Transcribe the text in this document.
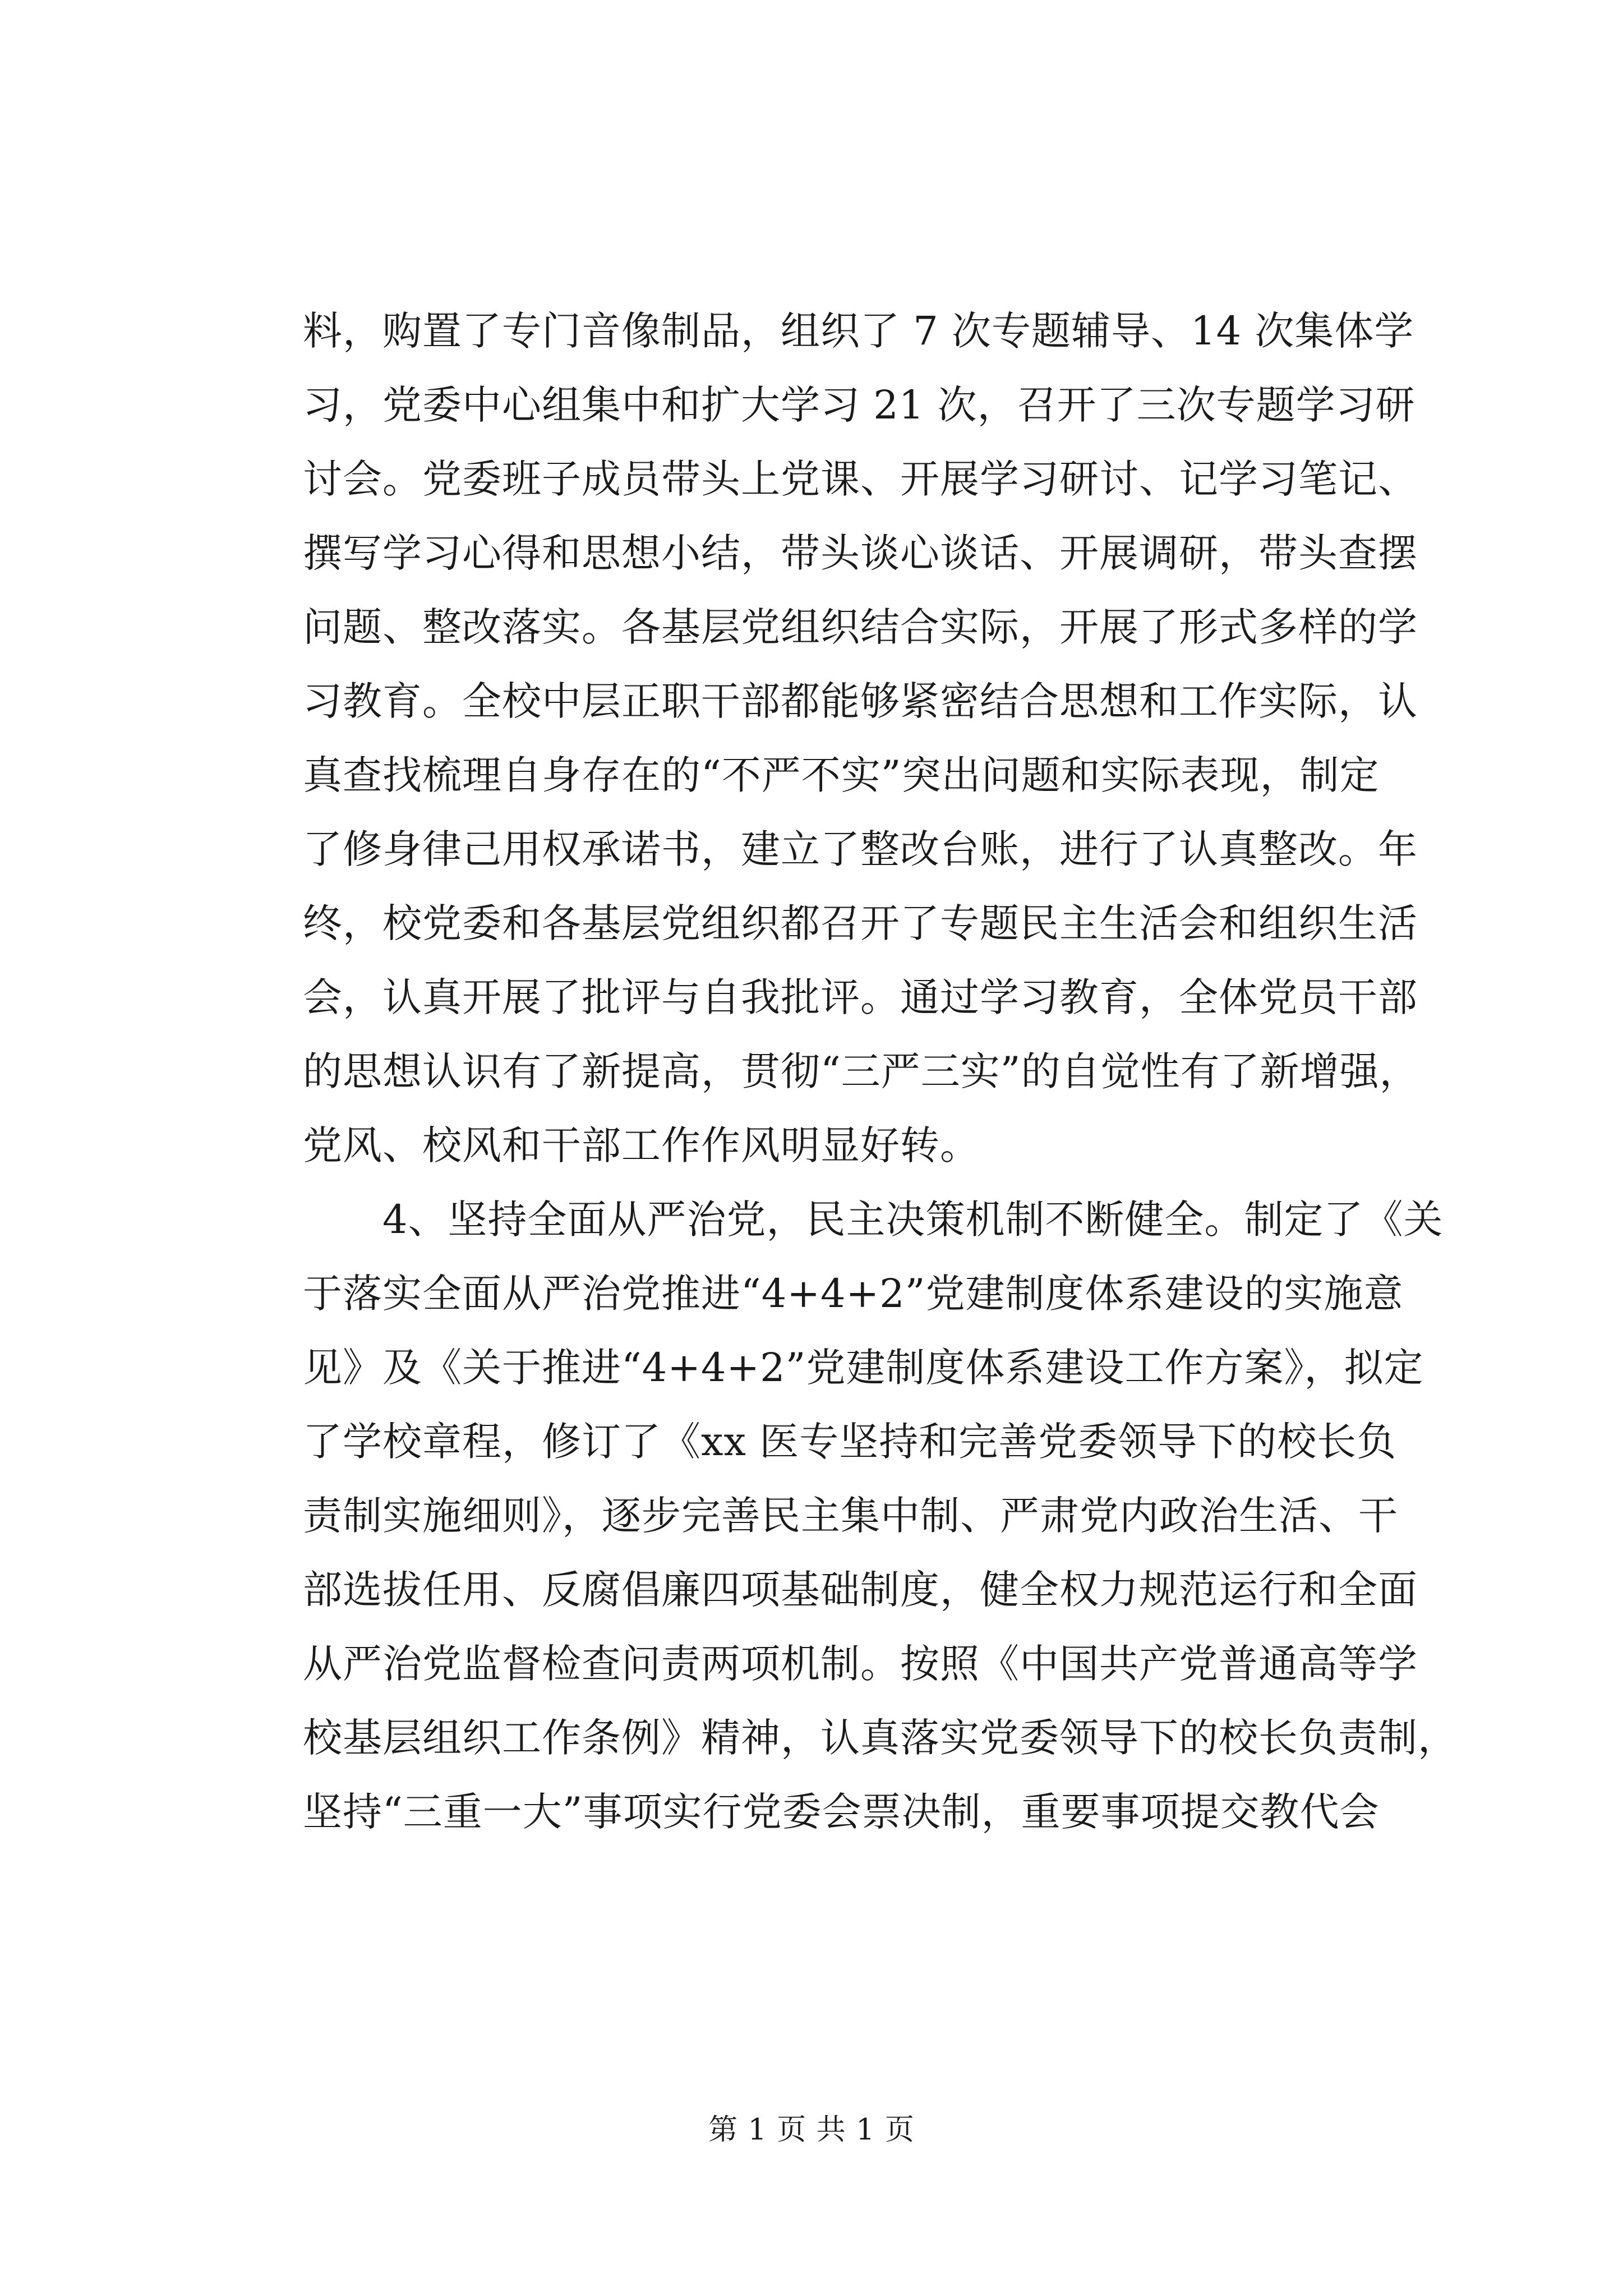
料，购置了专门音像制品，组织了 7 次专题辅导、14 次集体学
习，党委中心组集中和扩大学习 21 次，召开了三次专题学习研
讨会。党委班子成员带头上党课、开展学习研讨、记学习笔记、
撰写学习心得和思想小结，带头谈心谈话、开展调研，带头查摆
问题、整改落实。各基层党组织结合实际，开展了形式多样的学
习教育。全校中层正职干部都能够紧密结合思想和工作实际，认
真查找梳理自身存在的“不严不实”突出问题和实际表现，制定
了修身律己用权承诺书，建立了整改台账，进行了认真整改。年
终，校党委和各基层党组织都召开了专题民主生活会和组织生活
会，认真开展了批评与自我批评。通过学习教育，全体党员干部
的思想认识有了新提高，贯彻“三严三实”的自觉性有了新增强，
党风、校风和干部工作作风明显好转。
　　4、坚持全面从严治党，民主决策机制不断健全。制定了《关
于落实全面从严治党推进“4+4+2”党建制度体系建设的实施意
见》及《关于推进“4+4+2”党建制度体系建设工作方案》，拟定
了学校章程，修订了《xx 医专坚持和完善党委领导下的校长负
责制实施细则》，逐步完善民主集中制、严肃党内政治生活、干
部选拔任用、反腐倡廉四项基础制度，健全权力规范运行和全面
从严治党监督检查问责两项机制。按照《中国共产党普通高等学
校基层组织工作条例》精神，认真落实党委领导下的校长负责制，
坚持“三重一大”事项实行党委会票决制，重要事项提交教代会
第 1 页 共 1 页
